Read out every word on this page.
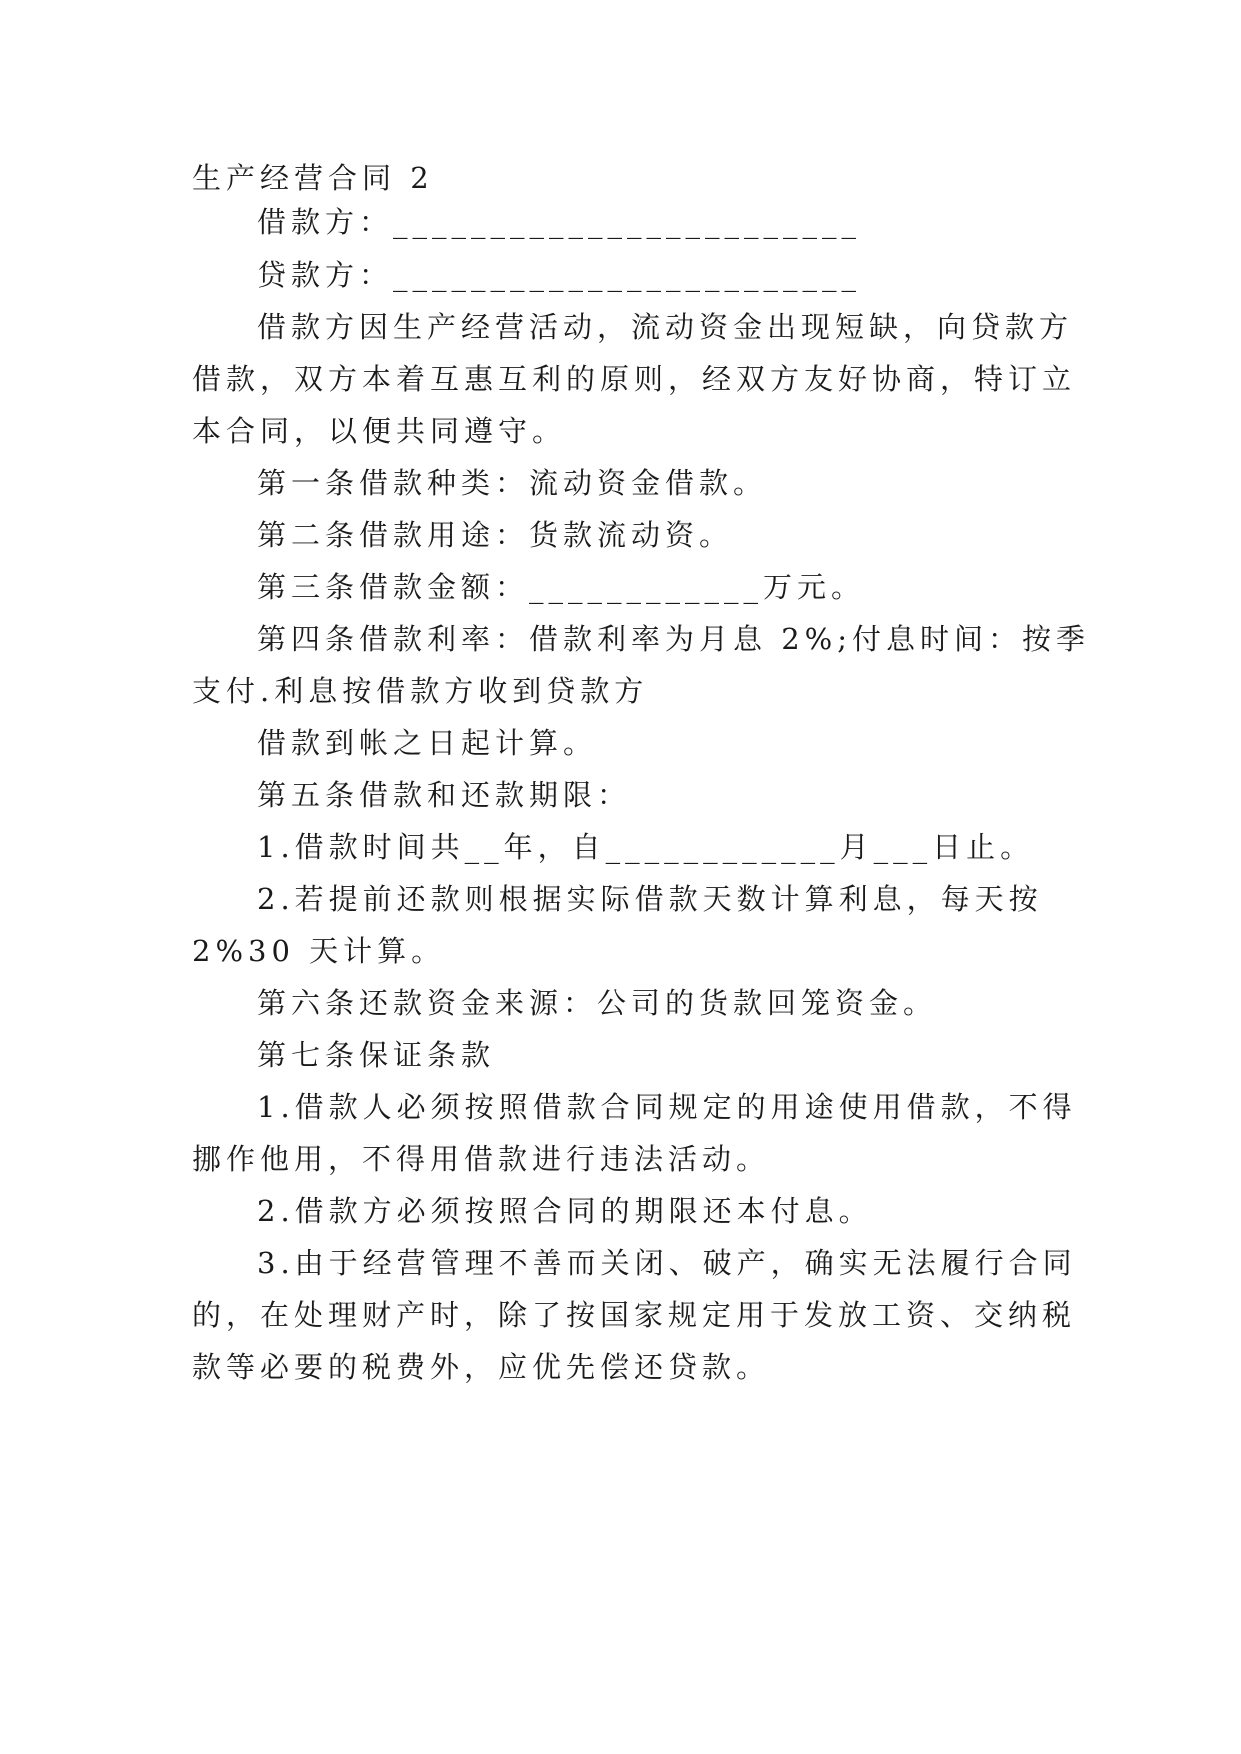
生产经营合同 2
借款方：________________________
贷款方：________________________
借款方因生产经营活动，流动资金出现短缺，向贷款方
借款，双方本着互惠互利的原则，经双方友好协商，特订立
本合同，以便共同遵守。
第一条借款种类：流动资金借款。
第二条借款用途：货款流动资。
第三条借款金额：____________万元。
第四条借款利率：借款利率为月息 2%;付息时间：按季
支付.利息按借款方收到贷款方
借款到帐之日起计算。
第五条借款和还款期限：
1.借款时间共__年，自____________月___日止。
2.若提前还款则根据实际借款天数计算利息，每天按
2%30 天计算。
第六条还款资金来源：公司的货款回笼资金。
第七条保证条款
1.借款人必须按照借款合同规定的用途使用借款，不得
挪作他用，不得用借款进行违法活动。
2.借款方必须按照合同的期限还本付息。
3.由于经营管理不善而关闭、破产，确实无法履行合同
的，在处理财产时，除了按国家规定用于发放工资、交纳税
款等必要的税费外，应优先偿还贷款。
